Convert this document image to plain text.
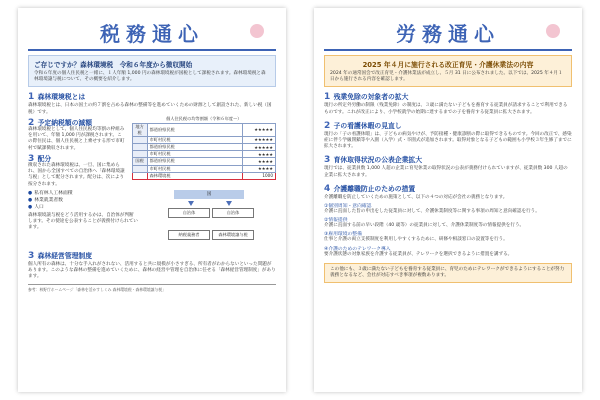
税務通心
ご存じですか？森林環境税　令和６年度から徴収開始
令和６年度の個人住民税と一緒に、１人年額 1,000 円の森林環境税が国税として課税されます。森林環境税と森林環境譲与税について、その概要を紹介します。
1 森林環境税とは
森林環境税とは、日本の国土の約７割を占める森林の整備等を進めていくための財源として創設された、新しい税（国税）です。
2 予定納税額の減額
森林環境税として、個人住民税均等割の枠組みを用いて、年額 1,000 円が課税されます。この際住民は、個人住民税と上乗せする形で市町村で賦課徴収されます。
3 配分
徴収された森林環境税は、一旦、国に集められ、国から全国すべての自治体へ「森林環境譲与税」として配分されます。配分は、次により按分されます。
個人住民税の均等割額（令和６年度〜）
地方税	都道府県民税	★★★★★
	市町村民税	★★★★★
	都道府県民税	★★★★★
	市町村民税	★★★★
国税	都道府県民税	★★★★
	市町村民税	★★★★
	森林環境税	1000
● 私有林人工林面積
● 林業就業者数
● 人口
森林環境譲与税をどう活用するかは、自治体が判断します。その使途を公表することが義務付けられています。
国
自治体	自治体
納税義務者	森林環境譲与税
3 森林経営管理制度
個人所有の森林は、十分な手入れがされない、活用すると共に規模が小さすぎる、所有者がわからないといった問題があります。このような森林の整備を進めていくために、森林の経営や管理を自治体に任せる「森林経営管理制度」があります。
参考：林野庁ホームページ「森林を活かすしくみ 森林環境税・森林環境譲与税」
労務通心
2025 年４月に施行される改正育児・介護休業法の内容
2024 年の通常国会で改正育児・介護休業法が成立し、５月 31 日に公布されました。以下では、2025 年４月１日から施行される内容を確認します。
1 残業免除の対象者の拡大
現行の所定外労働の制限（残業免除）の制度は、３歳に満たない子どもを養育する従業員が請求することで利用できるものです。これが改正により、小学校就学の始期に達するまでの子を養育する従業員に拡大されます。
2 子の看護休暇の見直し
現行の「子の看護休暇」は、子どもの病気やけが、予防接種・健康診断の際に取得できるものです。今回の改正で、感染症に伴う学級閉鎖等や入園（入学）式・卒園式が追加されます。取得対象となる子どもの範囲も小学校３年生修了までに拡大されます。
3 育休取得状況の公表企業拡大
現行では、従業員数 1,000 人超の企業に育児休業の取得状況の公表が義務付けられていますが、従業員数 300 人超の企業に拡大されます。
4 介護離職防止のための措置
介護離職を防止していくための施策として、以下の４つの対応が会社の義務となります。
①個別周知・意向確認
介護に直面した旨の申出をした従業員に対して、介護休業制度等に関する事項の周知と意向確認を行う。
②情報提供
介護に直面する前の早い段階（40 歳等）の従業員に対して、介護休業制度等の情報提供を行う。
③雇用環境の整備
仕事と介護の両立支援制度を利用しやすくするために、研修や相談窓口の設置等を行う。
④介護のためのテレワーク導入
要介護状態の対象家族を介護する従業員が、テレワークを選択できるように措置を講ずる。
この他にも、３歳に満たない子どもを養育する従業員に、育児のためにテレワークができるようにすることが努力義務となるなど、会社が対応すべき事項が複数あります。
